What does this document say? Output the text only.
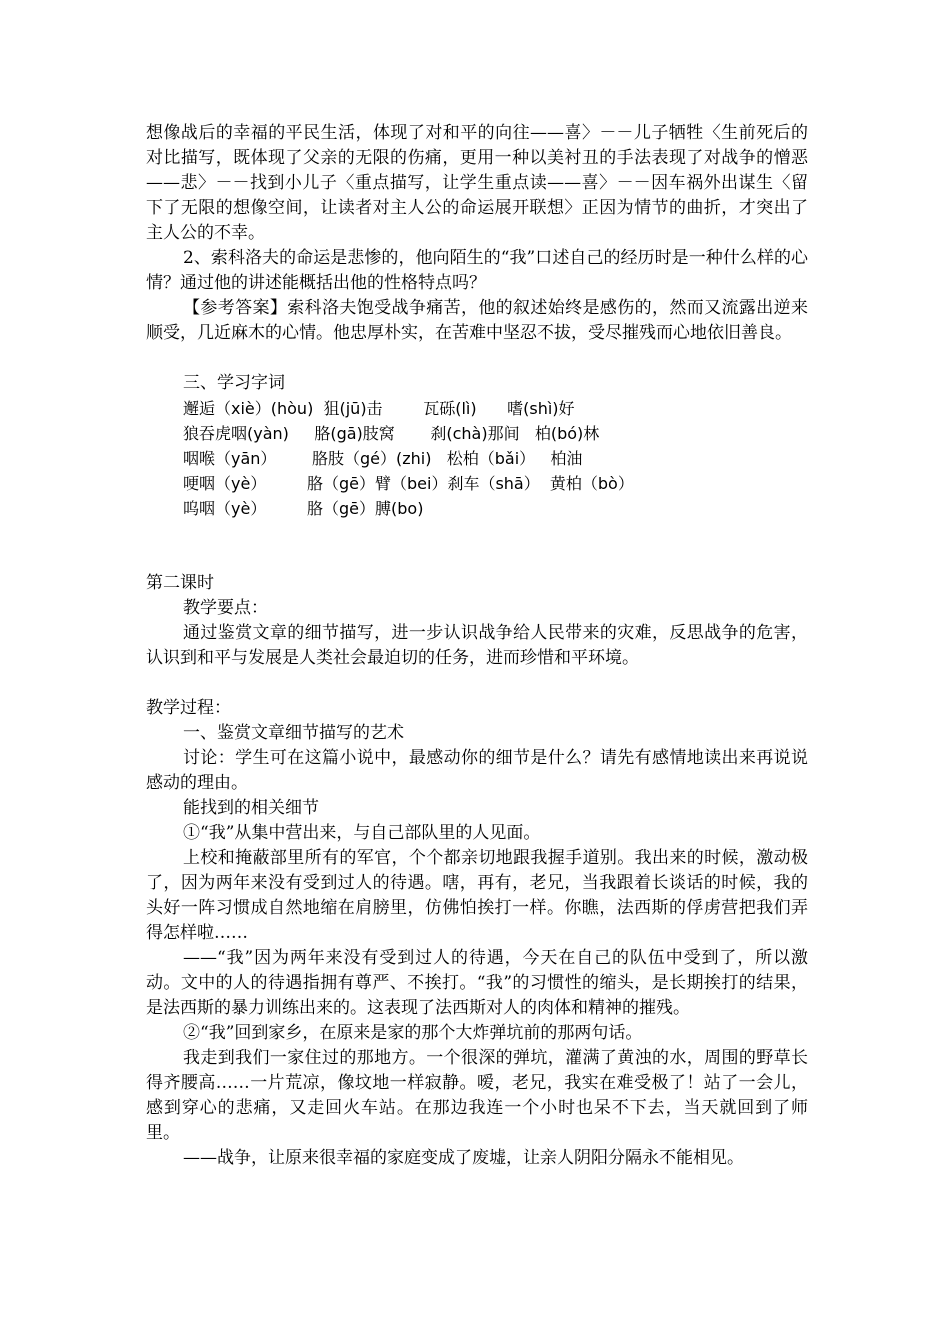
想像战后的幸福的平民生活，体现了对和平的向往——喜〉－－儿子牺牲〈生前死后的对比描写，既体现了父亲的无限的伤痛，更用一种以美衬丑的手法表现了对战争的憎恶——悲〉－－找到小儿子〈重点描写，让学生重点读——喜〉－－因车祸外出谋生〈留下了无限的想像空间，让读者对主人公的命运展开联想〉正因为情节的曲折，才突出了主人公的不幸。

2、索科洛夫的命运是悲惨的，他向陌生的“我”口述自己的经历时是一种什么样的心情？通过他的讲述能概括出他的性格特点吗？

【参考答案】索科洛夫饱受战争痛苦，他的叙述始终是感伤的，然而又流露出逆来顺受，几近麻木的心情。他忠厚朴实，在苦难中坚忍不拔，受尽摧残而心地依旧善良。

三、学习字词

邂逅（xiè）(hòu)  狙(jū)击        瓦砾(lì)      嗜(shì)好

狼吞虎咽(yàn)     胳(gā)肢窝       刹(chà)那间   柏(bó)林

咽喉（yān）       胳肢（gé）(zhi)   松柏（bǎi）   柏油

哽咽（yè）        胳（gē）臂（bei）刹车（shā）  黄柏（bò）

呜咽（yè）        胳（gē）膊(bo)

第二课时

教学要点：

通过鉴赏文章的细节描写，进一步认识战争给人民带来的灾难，反思战争的危害，认识到和平与发展是人类社会最迫切的任务，进而珍惜和平环境。

教学过程：

一、鉴赏文章细节描写的艺术

讨论：学生可在这篇小说中，最感动你的细节是什么？请先有感情地读出来再说说感动的理由。

能找到的相关细节

①“我”从集中营出来，与自己部队里的人见面。

上校和掩蔽部里所有的军官，个个都亲切地跟我握手道别。我出来的时候，激动极了，因为两年来没有受到过人的待遇。嗐，再有，老兄，当我跟着长谈话的时候，我的头好一阵习惯成自然地缩在肩膀里，仿佛怕挨打一样。你瞧，法西斯的俘虏营把我们弄得怎样啦……

——“我”因为两年来没有受到过人的待遇，今天在自己的队伍中受到了，所以激动。文中的人的待遇指拥有尊严、不挨打。“我”的习惯性的缩头，是长期挨打的结果，是法西斯的暴力训练出来的。这表现了法西斯对人的肉体和精神的摧残。

②“我”回到家乡，在原来是家的那个大炸弹坑前的那两句话。

我走到我们一家住过的那地方。一个很深的弹坑，灌满了黄浊的水，周围的野草长得齐腰高……一片荒凉，像坟地一样寂静。嗳，老兄，我实在难受极了！站了一会儿，感到穿心的悲痛，又走回火车站。在那边我连一个小时也呆不下去，当天就回到了师里。

——战争，让原来很幸福的家庭变成了废墟，让亲人阴阳分隔永不能相见。
